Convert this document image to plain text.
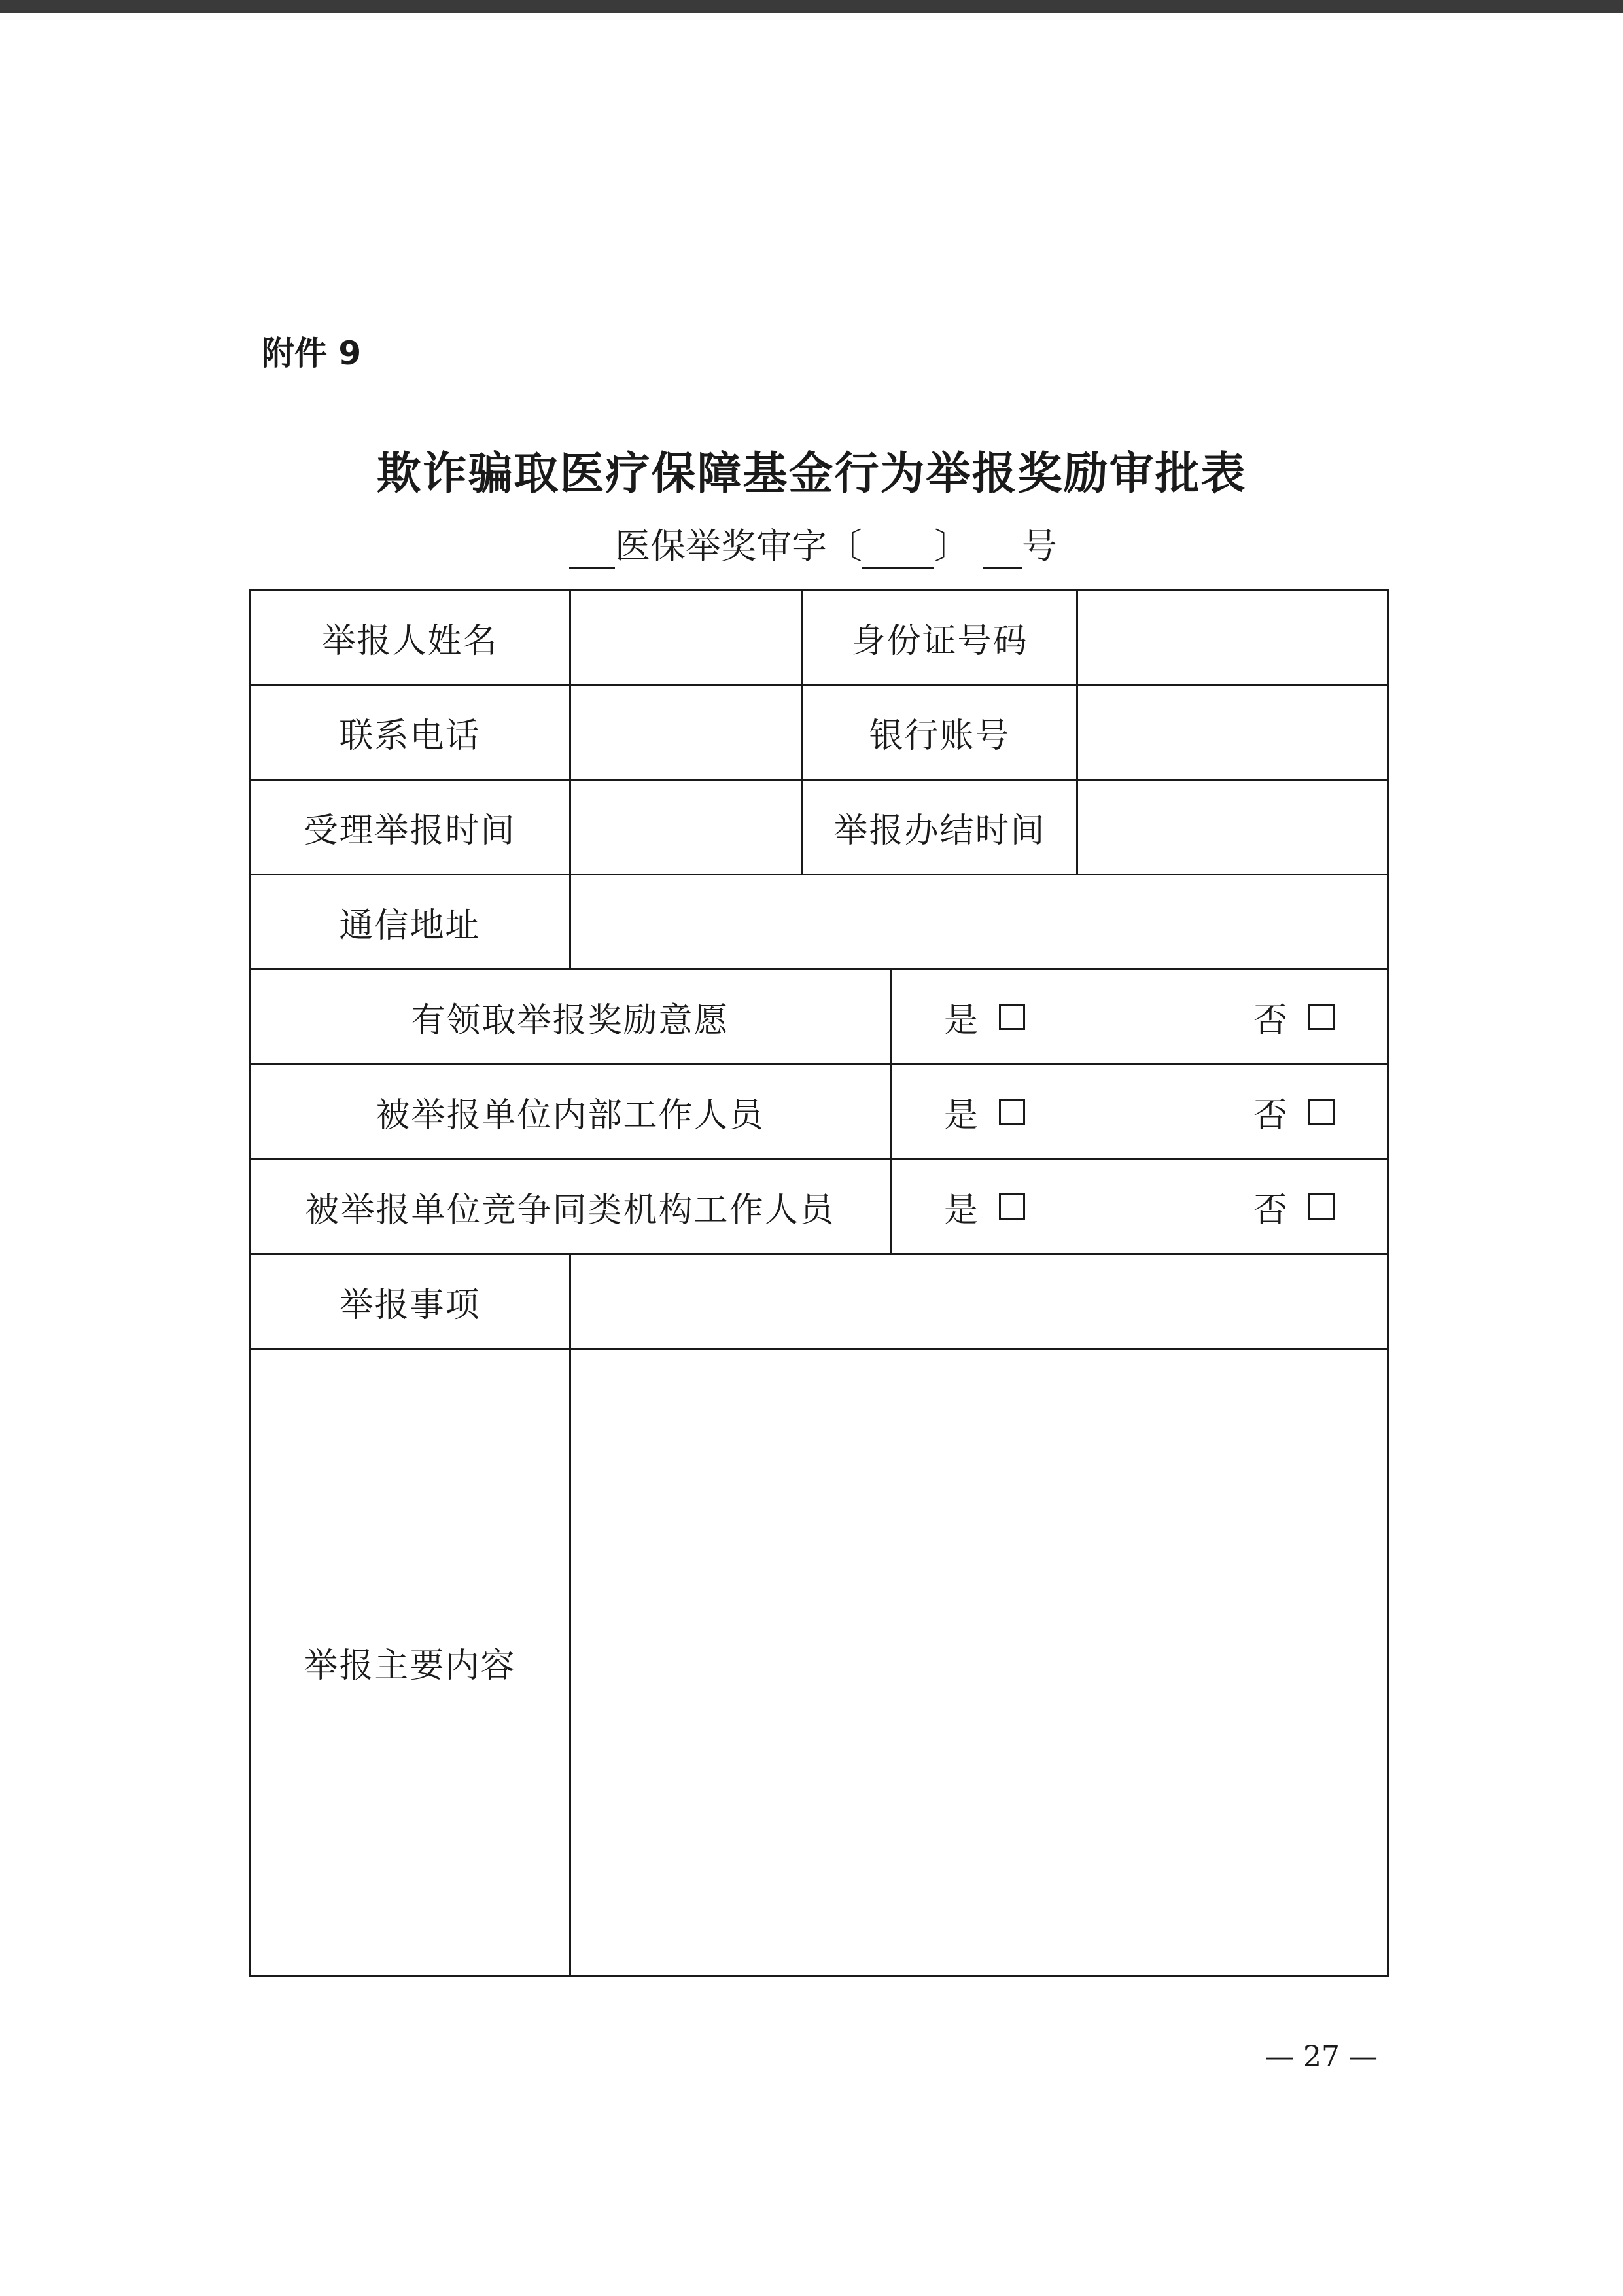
附件 9
欺诈骗取医疗保障基金行为举报奖励审批表
医保举奖审字〔 〕 号
举报人姓名		身份证号码		
联系电话		银行账号		
受理举报时间		举报办结时间		
通信地址				
有领取举报奖励意愿			是 否	

被举报单位内部工作人员			是 否	

被举报单位竞争同类机构工作人员			是 否	

举报事项				
举报主要内容				
— 27 —
